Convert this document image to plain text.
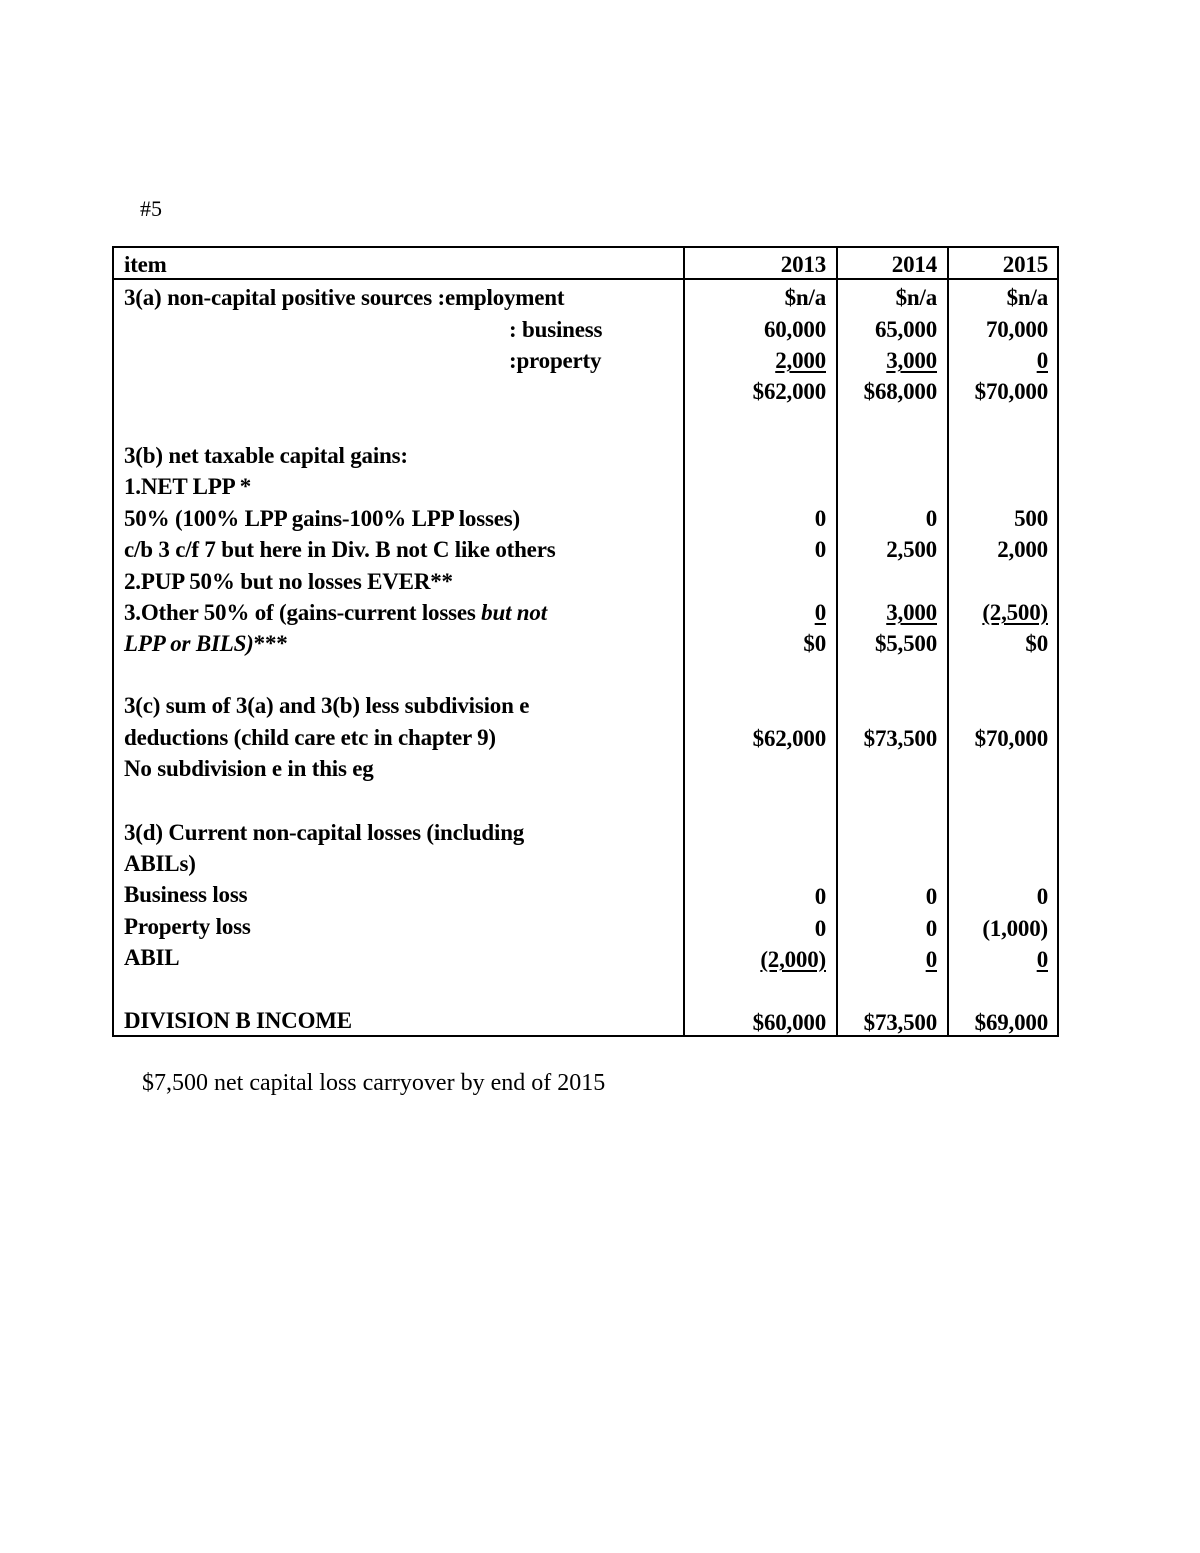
#5
item	2013	2014	2015
3(a) non-capital positive sources :employment	$n/a	$n/a	$n/a
: business	60,000 65,000 70,000
:property	2,000	3,000	0
$62,000 $68,000 $70,000
3(b) net taxable capital gains:
1.NET LPP *
50% (100% LPP gains-100% LPP losses)	0	0	500
c/b 3 c/f 7 but here in Div. B not C like others	0	2,500	2,000
2.PUP 50% but no losses EVER**
3.Other 50% of (gains-current losses but not	0	3,000 (2,500)
LPP or BILS)***	$0 $5,500	$0
3(c) sum of 3(a) and 3(b) less subdivision e
deductions (child care etc in chapter 9)	$62,000 $73,500 $70,000
No subdivision e in this eg
3(d) Current non-capital losses (including
ABILs)
Business loss	0	0	0
Property loss	0	0 (1,000)
ABIL	(2,000)	0	0
DIVISION B INCOME	$60,000 $73,500 $69,000
$7,500 net capital loss carryover by end of 2015
